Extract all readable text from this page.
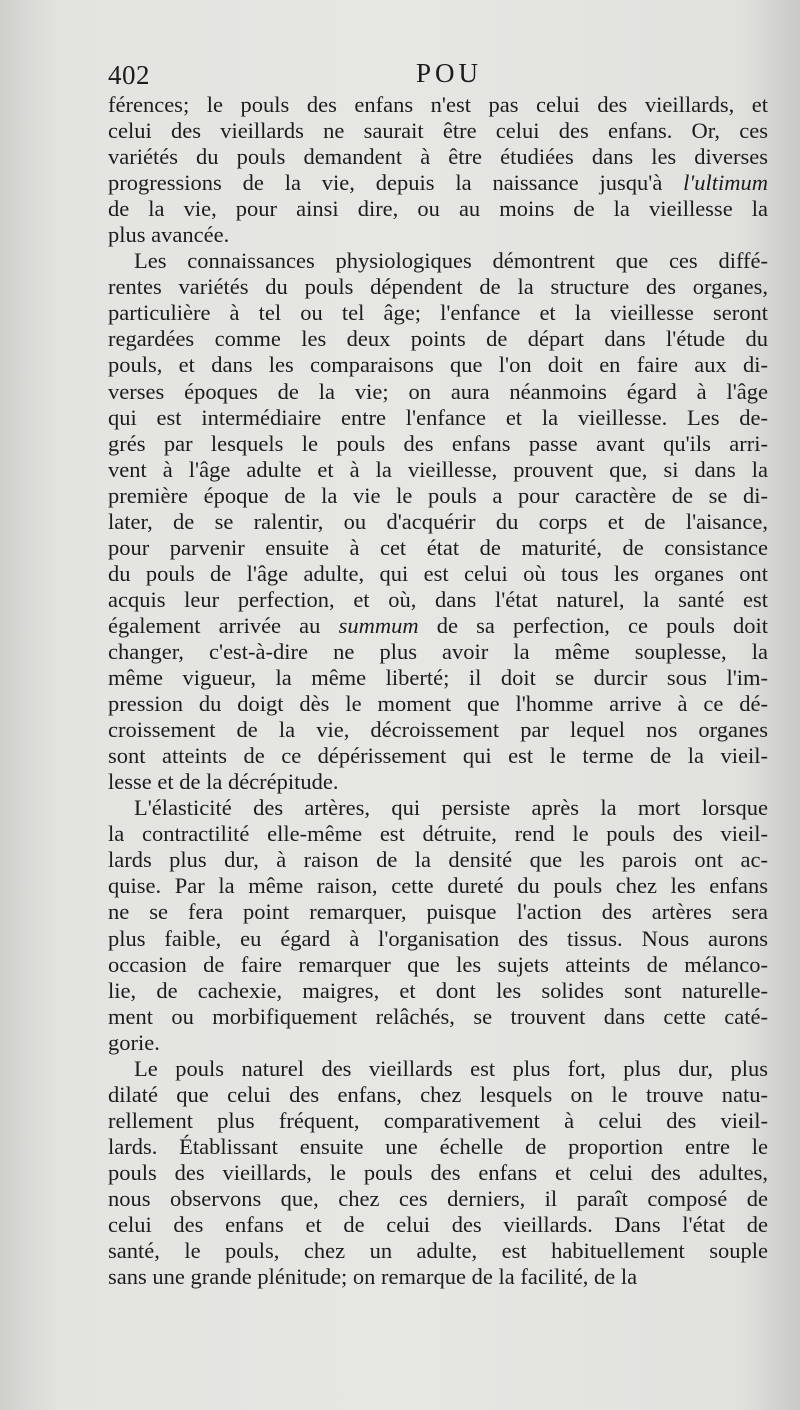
402	POU
férences; le pouls des enfans n'est pas celui des vieillards, et
celui des vieillards ne saurait être celui des enfans. Or, ces
variétés du pouls demandent à être étudiées dans les diverses
progressions de la vie, depuis la naissance jusqu'à l'ultimum
de la vie, pour ainsi dire, ou au moins de la vieillesse la
plus avancée.
Les connaissances physiologiques démontrent que ces diffé-
rentes variétés du pouls dépendent de la structure des organes,
particulière à tel ou tel âge; l'enfance et la vieillesse seront
regardées comme les deux points de départ dans l'étude du
pouls, et dans les comparaisons que l'on doit en faire aux di-
verses époques de la vie; on aura néanmoins égard à l'âge
qui est intermédiaire entre l'enfance et la vieillesse. Les de-
grés par lesquels le pouls des enfans passe avant qu'ils arri-
vent à l'âge adulte et à la vieillesse, prouvent que, si dans la
première époque de la vie le pouls a pour caractère de se di-
later, de se ralentir, ou d'acquérir du corps et de l'aisance,
pour parvenir ensuite à cet état de maturité, de consistance
du pouls de l'âge adulte, qui est celui où tous les organes ont
acquis leur perfection, et où, dans l'état naturel, la santé est
également arrivée au summum de sa perfection, ce pouls doit
changer, c'est-à-dire ne plus avoir la même souplesse, la
même vigueur, la même liberté; il doit se durcir sous l'im-
pression du doigt dès le moment que l'homme arrive à ce dé-
croissement de la vie, décroissement par lequel nos organes
sont atteints de ce dépérissement qui est le terme de la vieil-
lesse et de la décrépitude.
L'élasticité des artères, qui persiste après la mort lorsque
la contractilité elle-même est détruite, rend le pouls des vieil-
lards plus dur, à raison de la densité que les parois ont ac-
quise. Par la même raison, cette dureté du pouls chez les enfans
ne se fera point remarquer, puisque l'action des artères sera
plus faible, eu égard à l'organisation des tissus. Nous aurons
occasion de faire remarquer que les sujets atteints de mélanco-
lie, de cachexie, maigres, et dont les solides sont naturelle-
ment ou morbifiquement relâchés, se trouvent dans cette caté-
gorie.
Le pouls naturel des vieillards est plus fort, plus dur, plus
dilaté que celui des enfans, chez lesquels on le trouve natu-
rellement plus fréquent, comparativement à celui des vieil-
lards. Établissant ensuite une échelle de proportion entre le
pouls des vieillards, le pouls des enfans et celui des adultes,
nous observons que, chez ces derniers, il paraît composé de
celui des enfans et de celui des vieillards. Dans l'état de
santé, le pouls, chez un adulte, est habituellement souple
sans une grande plénitude; on remarque de la facilité, de la
